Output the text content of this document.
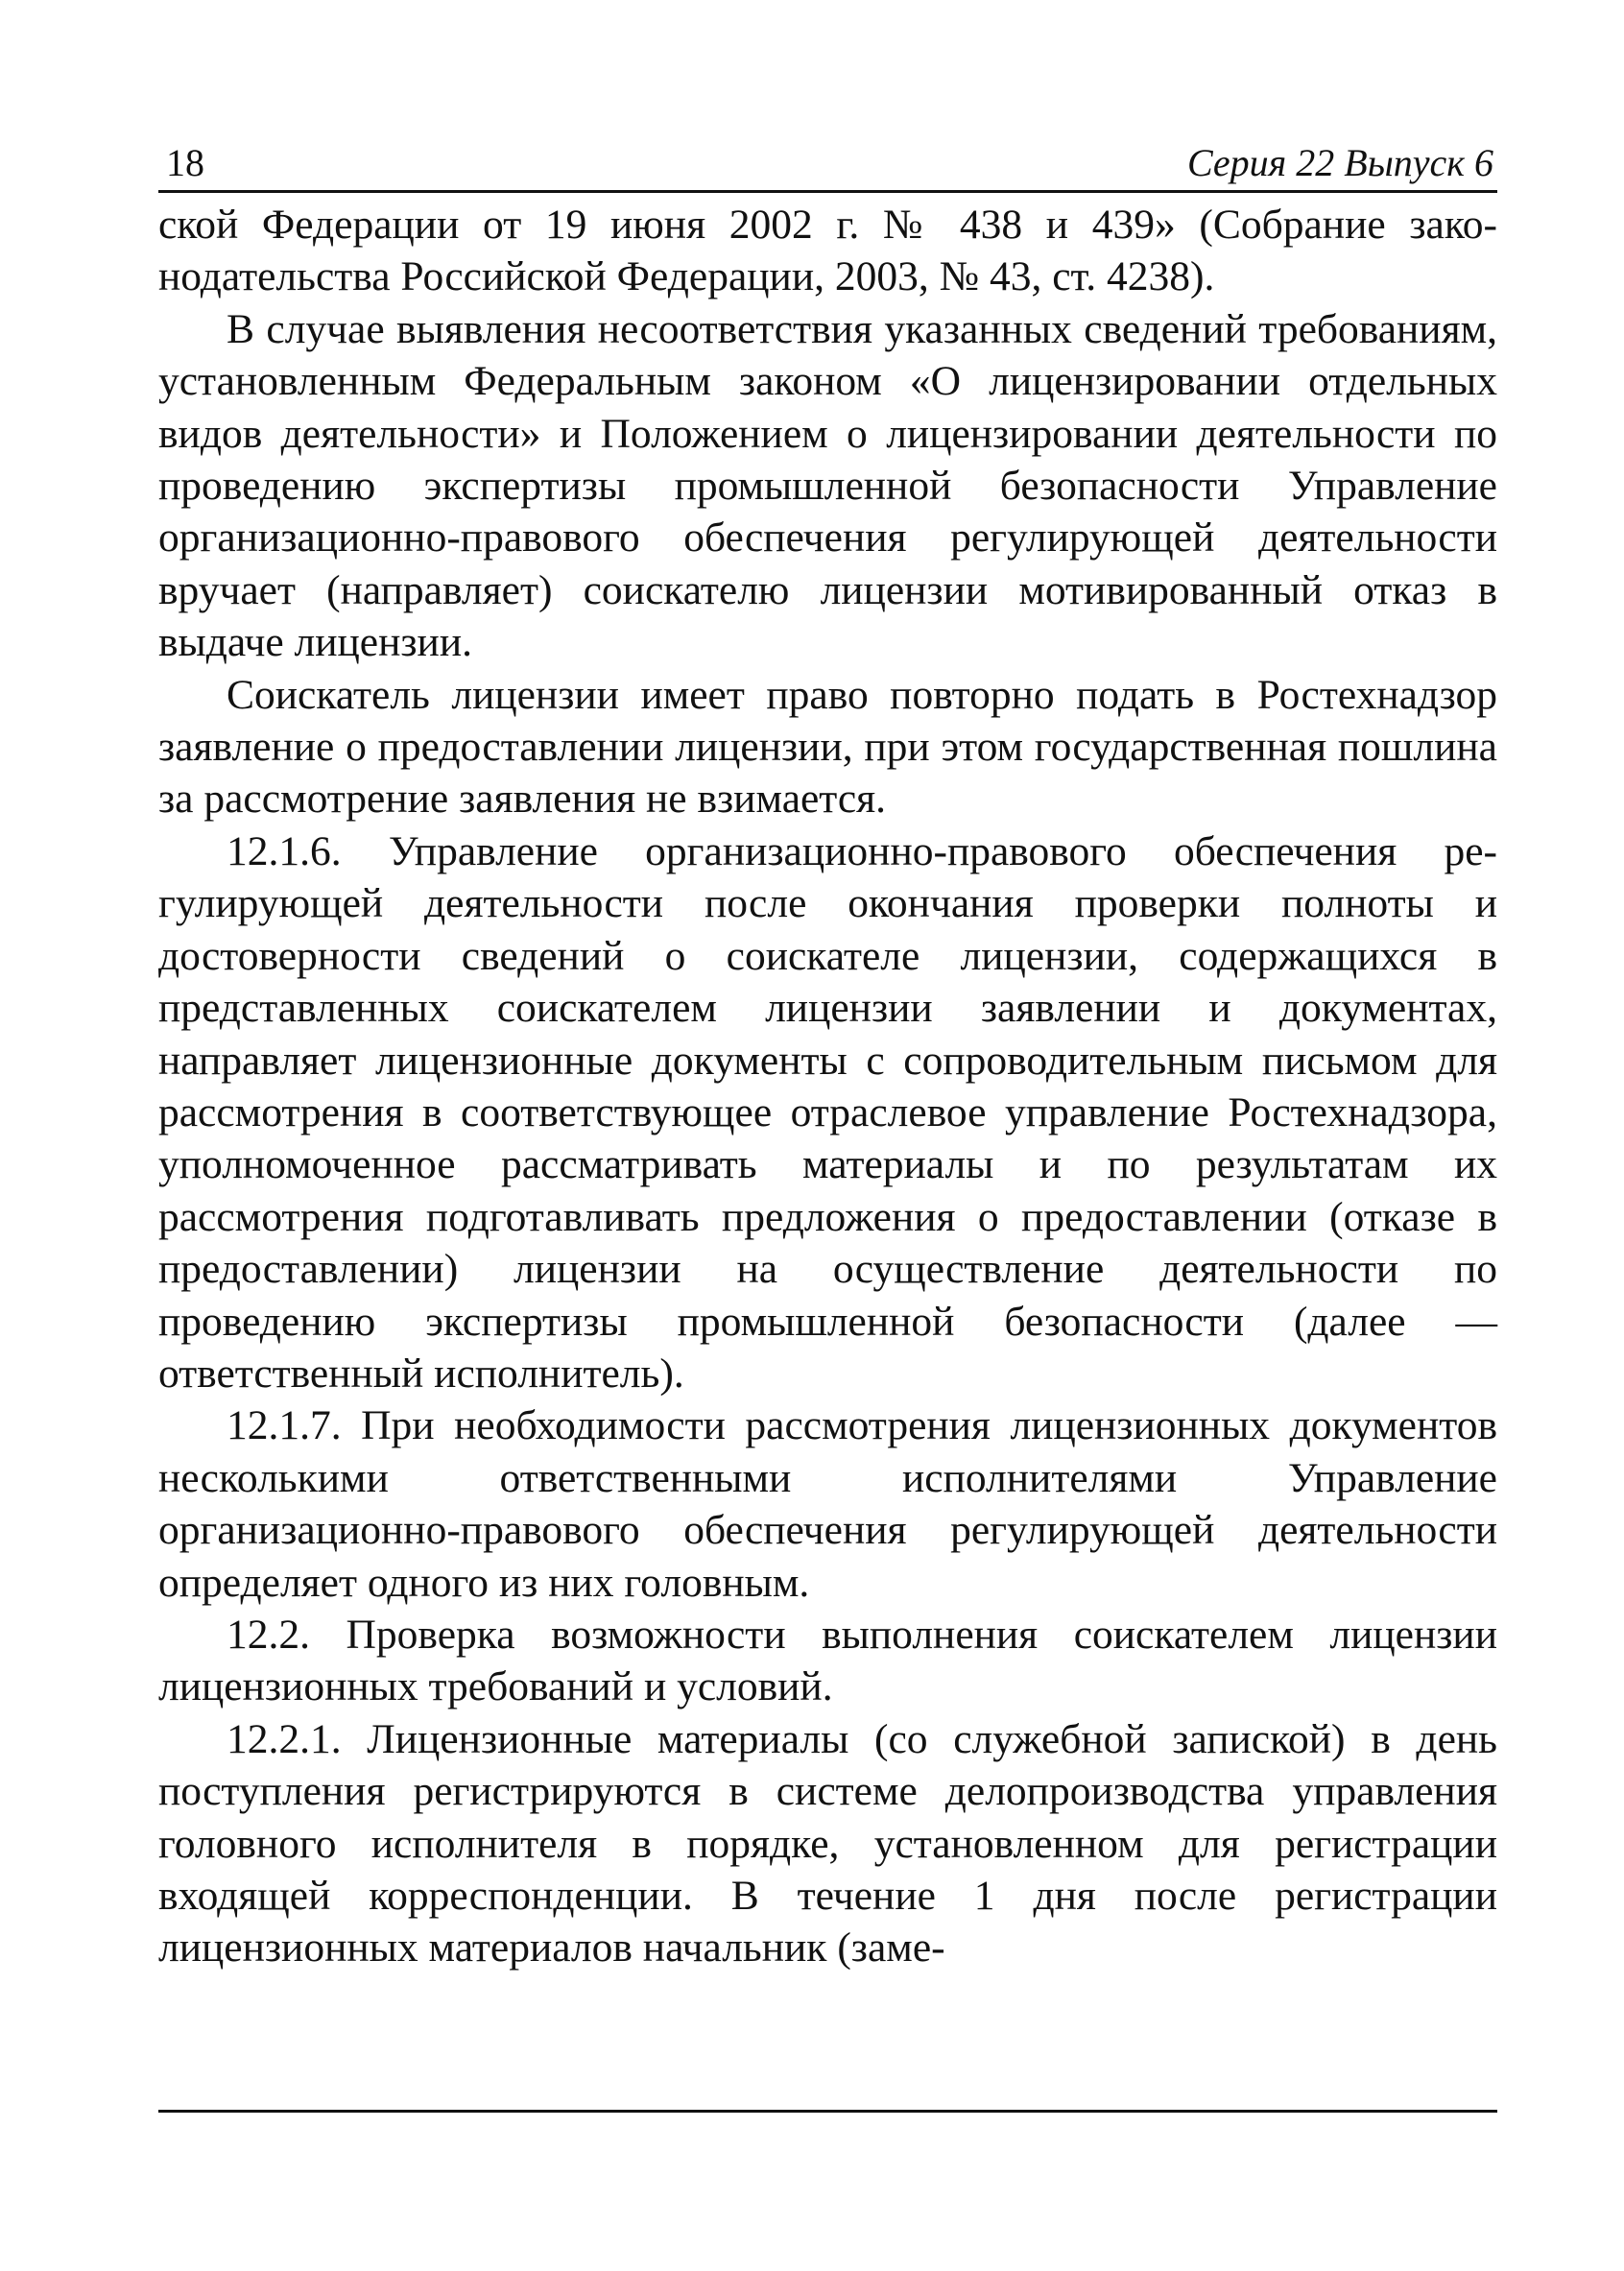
18	Серия 22 Выпуск 6

ской Федерации от 19 июня 2002 г. № 438 и 439» (Собрание законодательства Российской Федерации, 2003, № 43, ст. 4238).

В случае выявления несоответствия указанных сведений требованиям, установленным Федеральным законом «О лицензировании отдельных видов деятельности» и Положением о лицензировании деятельности по проведению экспертизы промышленной безопасности Управление организационно-правового обеспечения регулирующей деятельности вручает (направляет) соискателю лицензии мотивированный отказ в выдаче лицензии.

Соискатель лицензии имеет право повторно подать в Ростехнадзор заявление о предоставлении лицензии, при этом государственная пошлина за рассмотрение заявления не взимается.

12.1.6. Управление организационно-правового обеспечения регулирующей деятельности после окончания проверки полноты и достоверности сведений о соискателе лицензии, содержащихся в представленных соискателем лицензии заявлении и документах, направляет лицензионные документы с сопроводительным письмом для рассмотрения в соответствующее отраслевое управление Ростехнадзора, уполномоченное рассматривать материалы и по результатам их рассмотрения подготавливать предложения о предоставлении (отказе в предоставлении) лицензии на осуществление деятельности по проведению экспертизы промышленной безопасности (далее — ответственный исполнитель).

12.1.7. При необходимости рассмотрения лицензионных документов несколькими ответственными исполнителями Управление организационно-правового обеспечения регулирующей деятельности определяет одного из них головным.

12.2. Проверка возможности выполнения соискателем лицензии лицензионных требований и условий.

12.2.1. Лицензионные материалы (со служебной запиской) в день поступления регистрируются в системе делопроизводства управления головного исполнителя в порядке, установленном для регистрации входящей корреспонденции. В течение 1 дня после регистрации лицензионных материалов начальник (заме-
